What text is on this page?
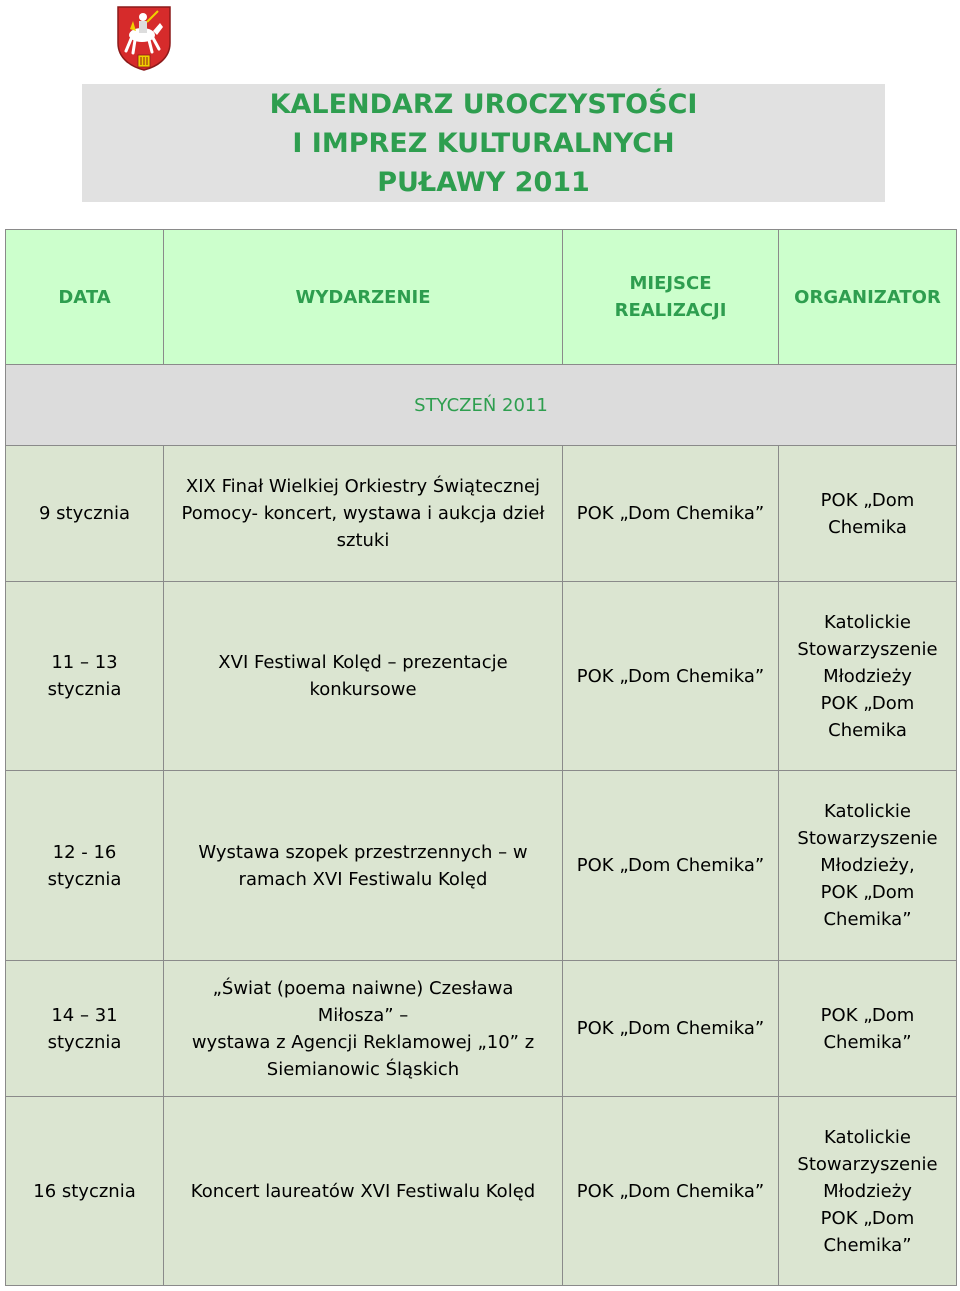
KALENDARZ UROCZYSTOŚCI
I IMPREZ KULTURALNYCH
PUŁAWY 2011
DATA	WYDARZENIE	MIEJSCE
REALIZACJI	ORGANIZATOR
STYCZEŃ 2011			
9 stycznia	XIX Finał Wielkiej Orkiestry Świątecznej
Pomocy- koncert, wystawa i aukcja dzieł
sztuki	POK „Dom Chemika”	POK „Dom
Chemika

11 – 13 stycznia	XVI Festiwal Kolęd – prezentacje
konkursowe	POK „Dom Chemika”	Katolickie
Stowarzyszenie
Młodzieży
POK „Dom
Chemika

12 - 16 stycznia	Wystawa szopek przestrzennych – w
ramach XVI Festiwalu Kolęd	POK „Dom Chemika”	Katolickie
Stowarzyszenie
Młodzieży,
POK „Dom
Chemika”

14 – 31 stycznia	„Świat (poema naiwne) Czesława Miłosza” –
wystawa z Agencji Reklamowej „10” z
Siemianowic Śląskich	POK „Dom Chemika”	POK „Dom
Chemika”

16 stycznia	Koncert laureatów XVI Festiwalu Kolęd	POK „Dom Chemika”	Katolickie
Stowarzyszenie
Młodzieży
POK „Dom
Chemika”
